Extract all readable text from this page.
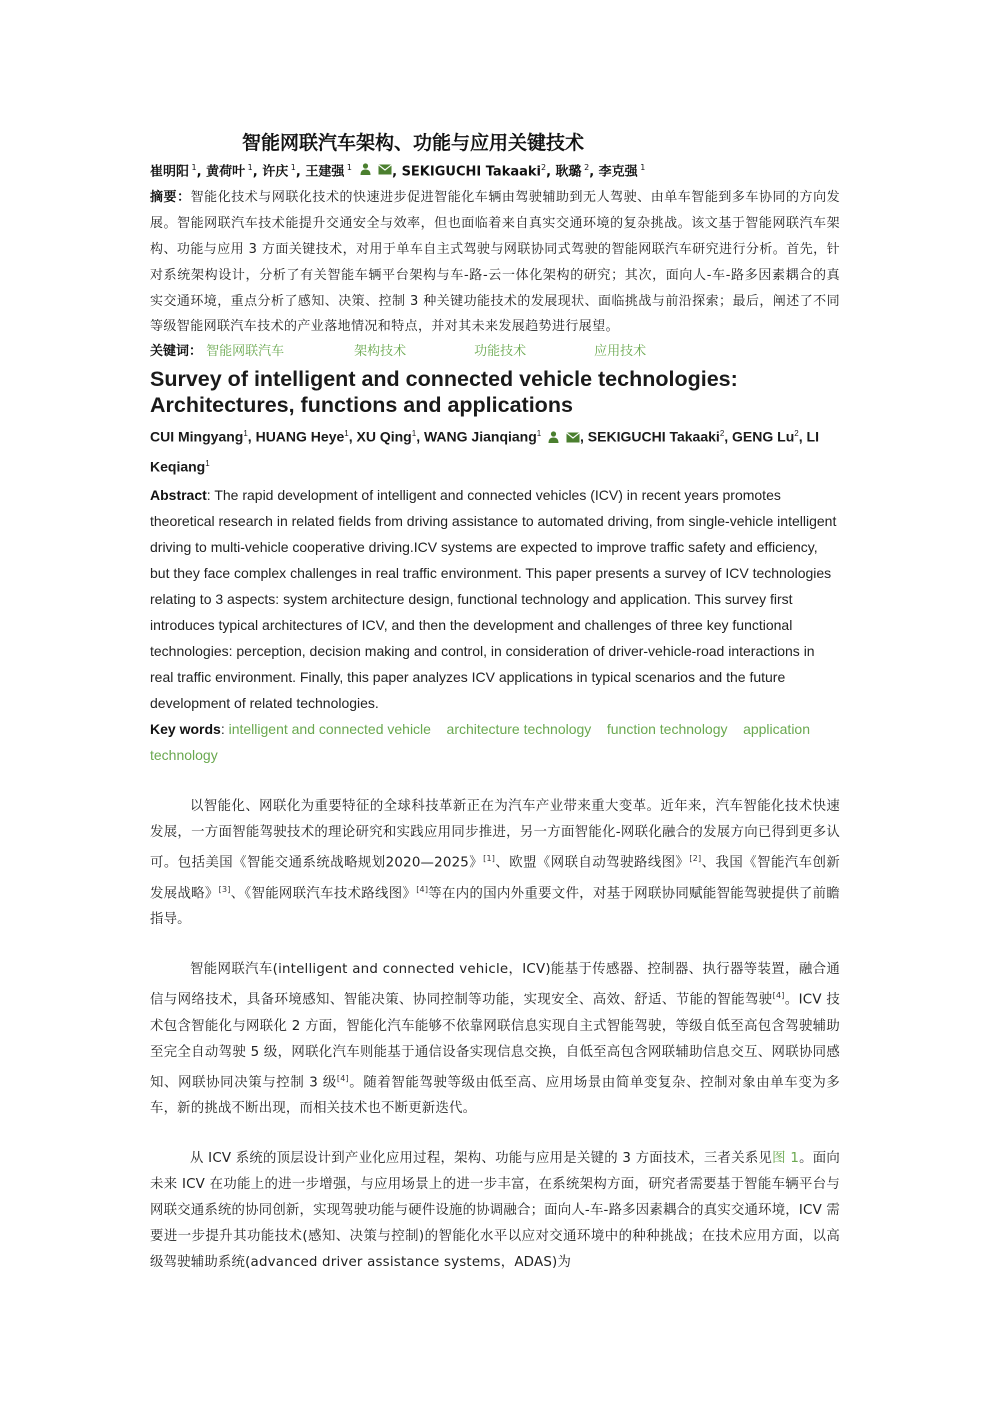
智能网联汽车架构、功能与应用关键技术
崔明阳 $^1$, 黄荷叶 $^1$, 许庆 $^1$, 王建强 $^1$	, SEKIGUCHI Takaaki$^2$, 耿璐 $^2$, 李克强 $^1$
摘要：智能化技术与网联化技术的快速进步促进智能化车辆由驾驶辅助到无人驾驶、由单车智能到多车协同的方向发展。智能网联汽车技术能提升交通安全与效率，但也面临着来自真实交通环境的复杂挑战。该文基于智能网联汽车架构、功能与应用 3 方面关键技术，对用于单车自主式驾驶与网联协同式驾驶的智能网联汽车研究进行分析。首先，针对系统架构设计，分析了有关智能车辆平台架构与车-路-云一体化架构的研究；其次，面向人-车-路多因素耦合的真实交通环境，重点分析了感知、决策、控制 3 种关键功能技术的发展现状、面临挑战与前沿探索；最后，阐述了不同等级智能网联汽车技术的产业落地情况和特点，并对其未来发展趋势进行展望。
关键词： 智能网联汽车	架构技术	功能技术	应用技术
Survey of intelligent and connected vehicle technologies: Architectures, functions and applications
CUI Mingyang$^1$, HUANG Heye$^1$, XU Qing$^1$, WANG Jianqiang$^1$	, SEKIGUCHI Takaaki$^2$, GENG Lu$^2$, LI Keqiang$^1$
Abstract: The rapid development of intelligent and connected vehicles (ICV) in recent years promotes theoretical research in related fields from driving assistance to automated driving, from single-vehicle intelligent driving to multi-vehicle cooperative driving.ICV systems are expected to improve traffic safety and efficiency, but they face complex challenges in real traffic environment. This paper presents a survey of ICV technologies relating to 3 aspects: system architecture design, functional technology and application. This survey first introduces typical architectures of ICV, and then the development and challenges of three key functional technologies: perception, decision making and control, in consideration of driver-vehicle-road interactions in real traffic environment. Finally, this paper analyzes ICV applications in typical scenarios and the future development of related technologies.
Key words: intelligent and connected vehicle architecture technology function technology application technology

以智能化、网联化为重要特征的全球科技革新正在为汽车产业带来重大变革。近年来，汽车智能化技术快速发展，一方面智能驾驶技术的理论研究和实践应用同步推进，另一方面智能化-网联化融合的发展方向已得到更多认可。包括美国《智能交通系统战略规划2020—2025》[1]、欧盟《网联自动驾驶路线图》[2]、我国《智能汽车创新发展战略》[3]、《智能网联汽车技术路线图》[4]等在内的国内外重要文件，对基于网联协同赋能智能驾驶提供了前瞻指导。

智能网联汽车(intelligent and connected vehicle，ICV)能基于传感器、控制器、执行器等装置，融合通信与网络技术，具备环境感知、智能决策、协同控制等功能，实现安全、高效、舒适、节能的智能驾驶[4]。ICV 技术包含智能化与网联化 2 方面，智能化汽车能够不依靠网联信息实现自主式智能驾驶，等级自低至高包含驾驶辅助至完全自动驾驶 5 级，网联化汽车则能基于通信设备实现信息交换，自低至高包含网联辅助信息交互、网联协同感知、网联协同决策与控制 3 级[4]。随着智能驾驶等级由低至高、应用场景由简单变复杂、控制对象由单车变为多车，新的挑战不断出现，而相关技术也不断更新迭代。

从 ICV 系统的顶层设计到产业化应用过程，架构、功能与应用是关键的 3 方面技术，三者关系见图 1。面向未来 ICV 在功能上的进一步增强，与应用场景上的进一步丰富，在系统架构方面，研究者需要基于智能车辆平台与网联交通系统的协同创新，实现驾驶功能与硬件设施的协调融合；面向人-车-路多因素耦合的真实交通环境，ICV 需要进一步提升其功能技术(感知、决策与控制)的智能化水平以应对交通环境中的种种挑战；在技术应用方面，以高级驾驶辅助系统(advanced driver assistance systems，ADAS)为
